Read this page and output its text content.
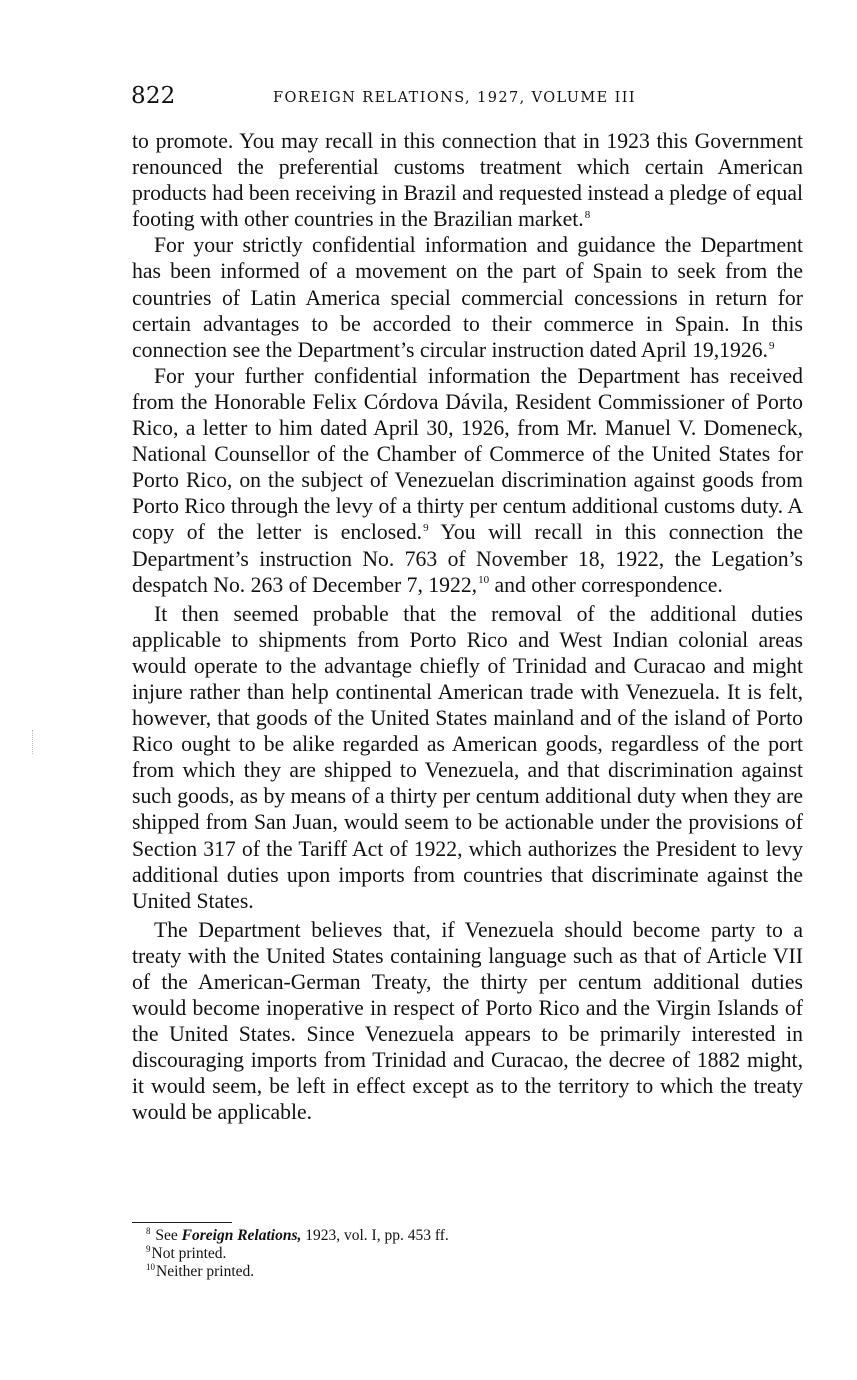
822	FOREIGN RELATIONS, 1927, VOLUME III

to promote. You may recall in this connection that in 1923 this Government renounced the preferential customs treatment which certain American products had been receiving in Brazil and requested instead a pledge of equal footing with other countries in the Brazilian market.$^8$

For your strictly confidential information and guidance the Department has been informed of a movement on the part of Spain to seek from the countries of Latin America special commercial concessions in return for certain advantages to be accorded to their commerce in Spain. In this connection see the Department’s circular instruction dated April 19,1926.$^9$

For your further confidential information the Department has received from the Honorable Felix Córdova Dávila, Resident Commissioner of Porto Rico, a letter to him dated April 30, 1926, from Mr. Manuel V. Domeneck, National Counsellor of the Chamber of Commerce of the United States for Porto Rico, on the subject of Venezuelan discrimination against goods from Porto Rico through the levy of a thirty per centum additional customs duty. A copy of the letter is enclosed.$^9$ You will recall in this connection the Department’s instruction No. 763 of November 18, 1922, the Legation’s despatch No. 263 of December 7, 1922,10 and other correspondence.

It then seemed probable that the removal of the additional duties applicable to shipments from Porto Rico and West Indian colonial areas would operate to the advantage chiefly of Trinidad and Curacao and might injure rather than help continental American trade with Venezuela. It is felt, however, that goods of the United States mainland and of the island of Porto Rico ought to be alike regarded as American goods, regardless of the port from which they are shipped to Venezuela, and that discrimination against such goods, as by means of a thirty per centum additional duty when they are shipped from San Juan, would seem to be actionable under the provisions of Section 317 of the Tariff Act of 1922, which authorizes the President to levy additional duties upon imports from countries that discriminate against the United States.

The Department believes that, if Venezuela should become party to a treaty with the United States containing language such as that of Article VII of the American-German Treaty, the thirty per centum additional duties would become inoperative in respect of Porto Rico and the Virgin Islands of the United States. Since Venezuela appears to be primarily interested in discouraging imports from Trinidad and Curacao, the decree of 1882 might, it would seem, be left in effect except as to the territory to which the treaty would be applicable.

$^8$ See Foreign Relations, 1923, vol. I, pp. 453 ff.
$^9$Not printed.
$^{10}$Neither printed.
